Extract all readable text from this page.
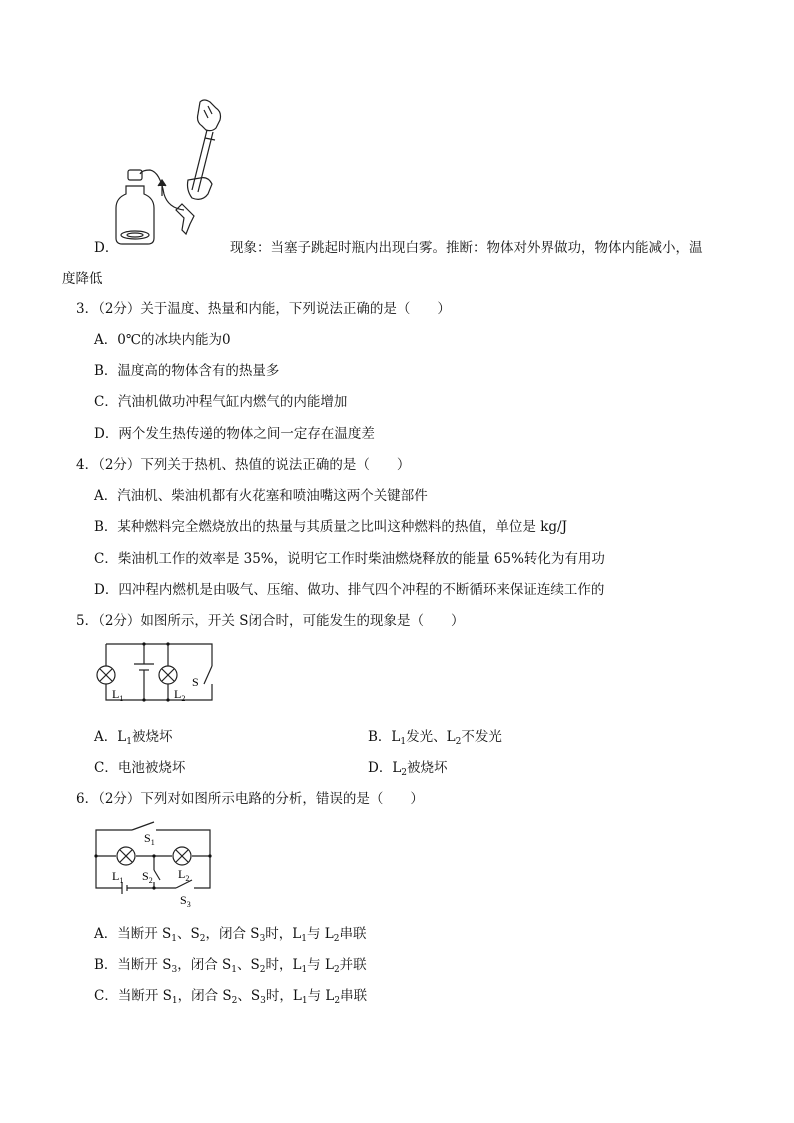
D．	现象：当塞子跳起时瓶内出现白雾。推断：物体对外界做功，物体内能减小，温
度降低
3．（2分）关于温度、热量和内能，下列说法正确的是（　　）
A．0℃的冰块内能为0
B．温度高的物体含有的热量多
C．汽油机做功冲程气缸内燃气的内能增加
D．两个发生热传递的物体之间一定存在温度差
4．（2分）下列关于热机、热值的说法正确的是（　　）
A．汽油机、柴油机都有火花塞和喷油嘴这两个关键部件
B．某种燃料完全燃烧放出的热量与其质量之比叫这种燃料的热值，单位是 kg/J
C．柴油机工作的效率是 35%，说明它工作时柴油燃烧释放的能量 65%转化为有用功
D．四冲程内燃机是由吸气、压缩、做功、排气四个冲程的不断循环来保证连续工作的
5．（2分）如图所示，开关 S闭合时，可能发生的现象是（　　）
$L_1$	$L_2$
S
A．$L_1$被烧坏	B．$L_1$发光、$L_2$不发光
C．电池被烧坏	D．$L_2$被烧坏
6．（2分）下列对如图所示电路的分析，错误的是（　　）
$S_1$
$L_1$ $S_2$ $L_2$
$S_3$
A．当断开 $S_1$、$S_2$，闭合 $S_3$时，$L_1$与 $L_2$串联
B．当断开 $S_3$，闭合 $S_1$、$S_2$时，$L_1$与 $L_2$并联
C．当断开 $S_1$，闭合 $S_2$、$S_3$时，$L_1$与 $L_2$串联
